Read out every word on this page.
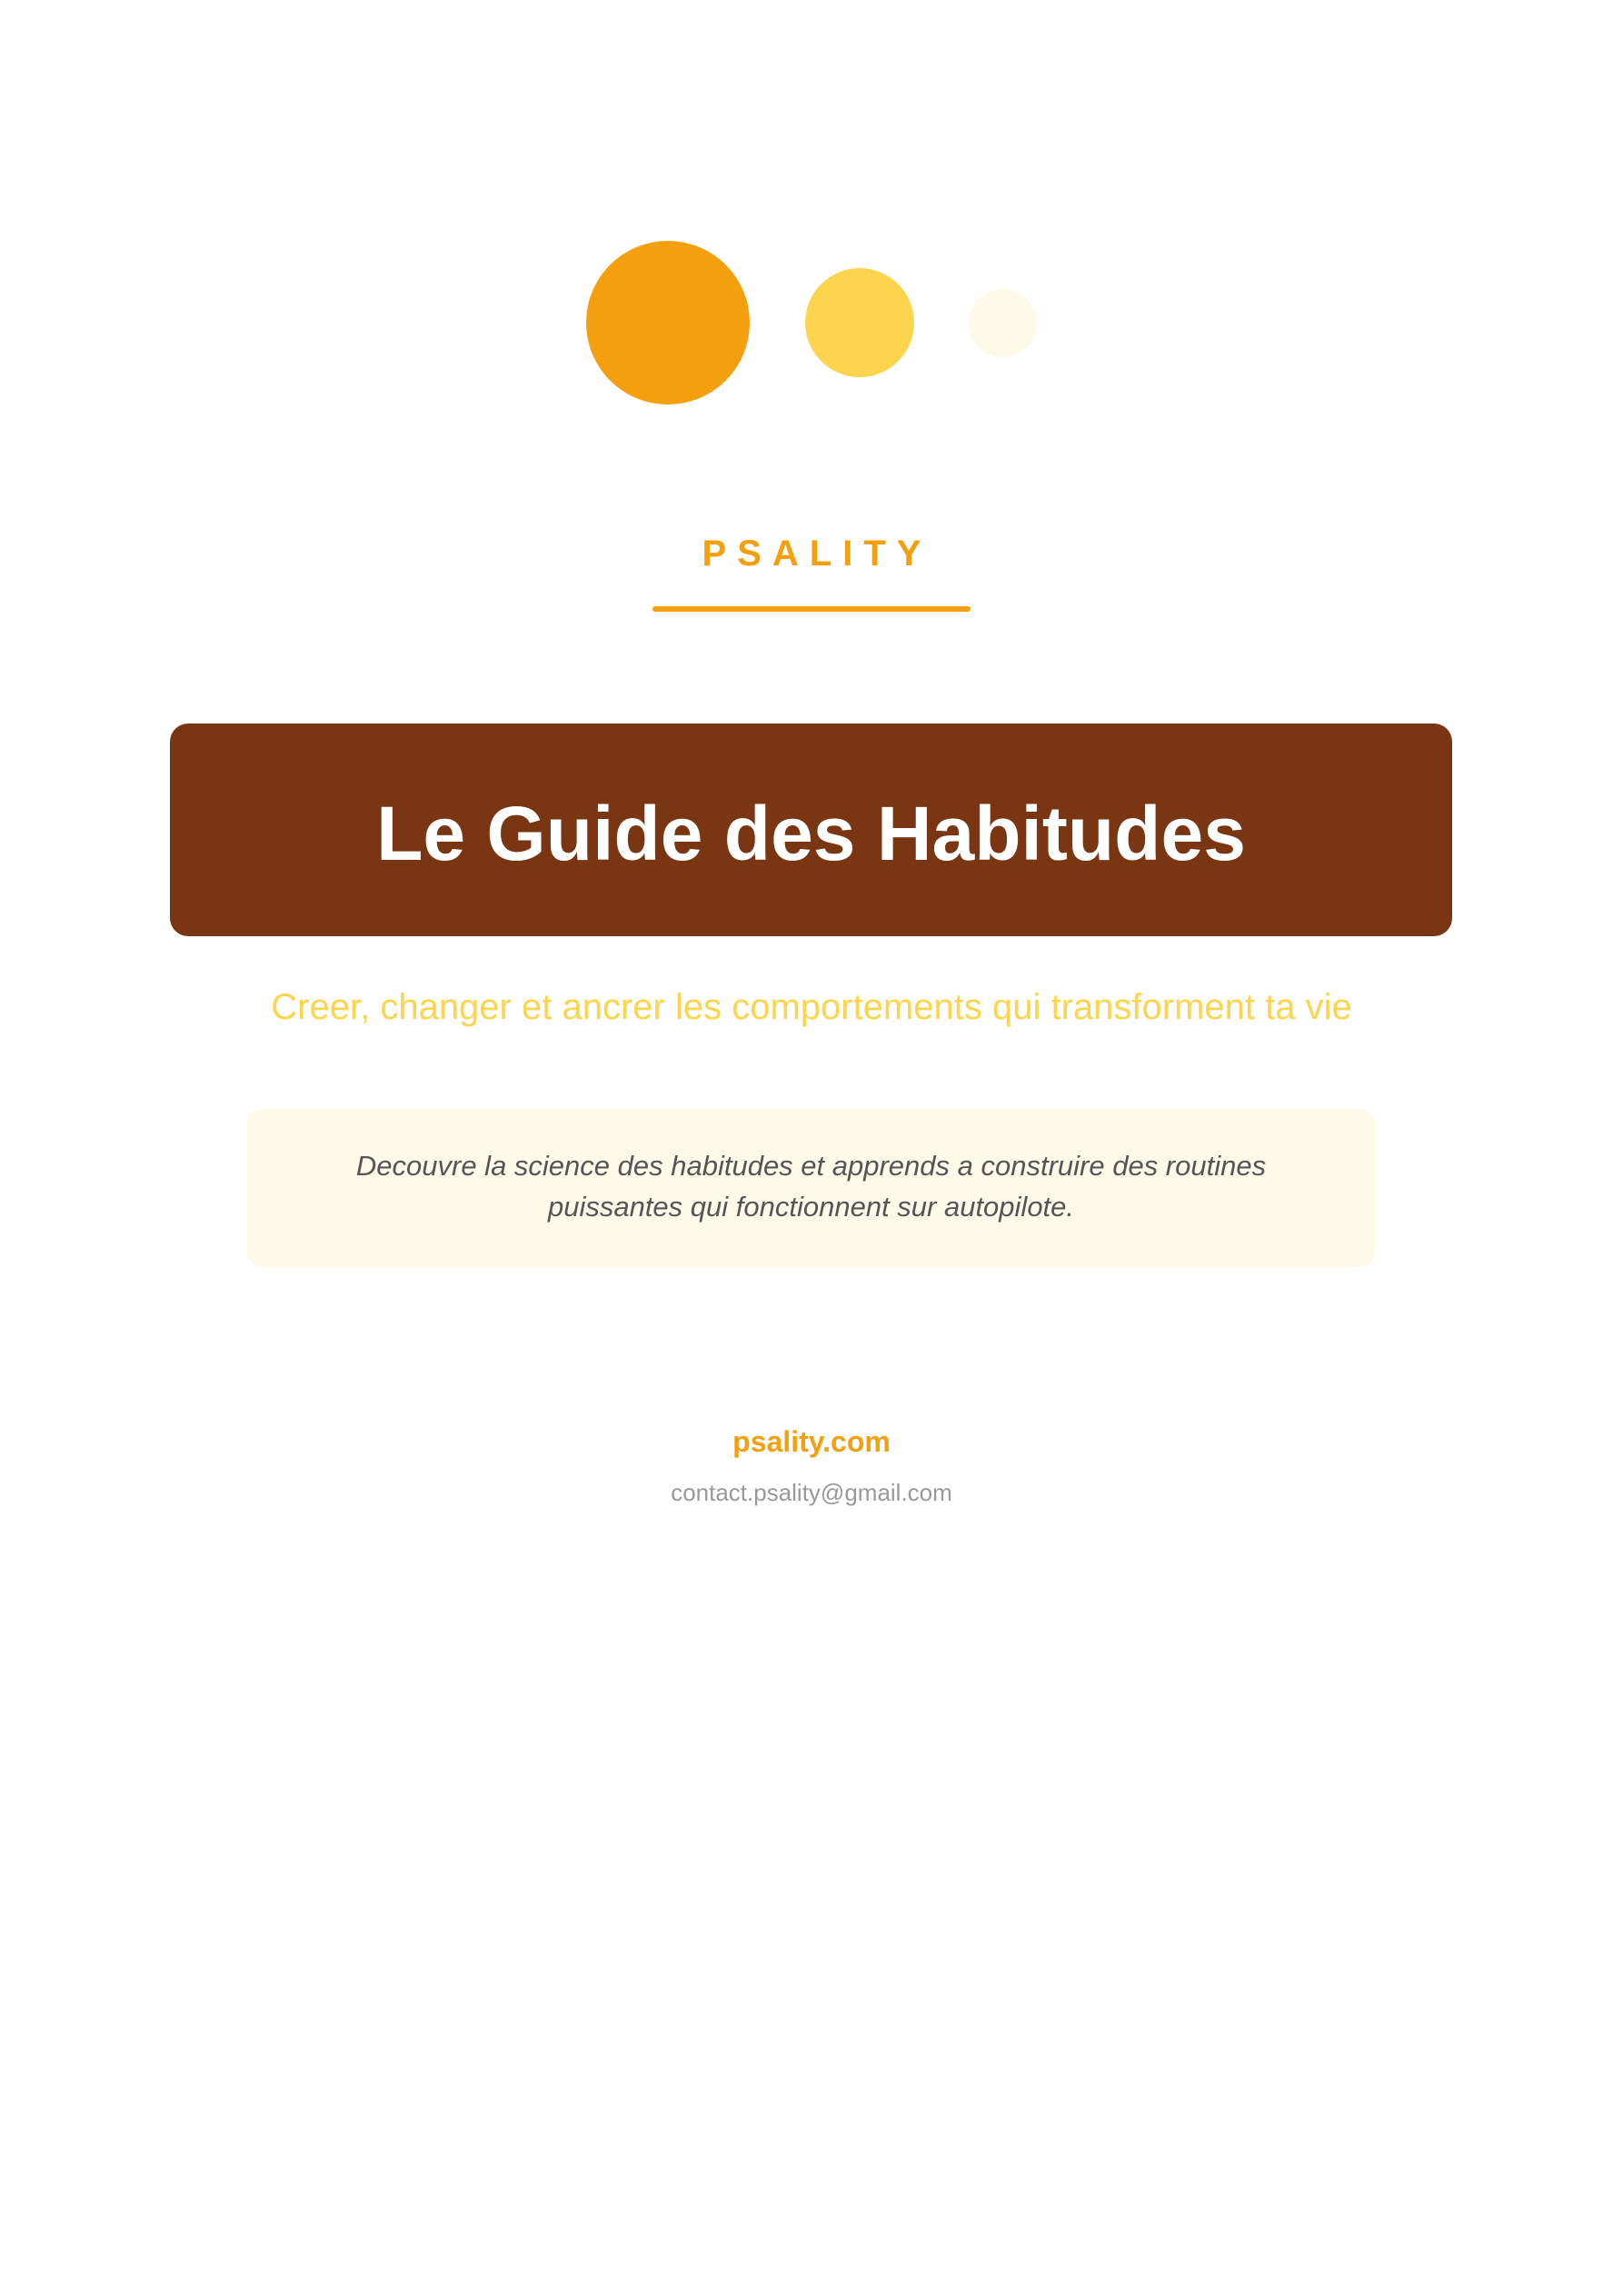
PSALITY
Le Guide des Habitudes
Creer, changer et ancrer les comportements qui transforment ta vie
Decouvre la science des habitudes et apprends a construire des routines
puissantes qui fonctionnent sur autopilote.
psality.com
contact.psality@gmail.com
